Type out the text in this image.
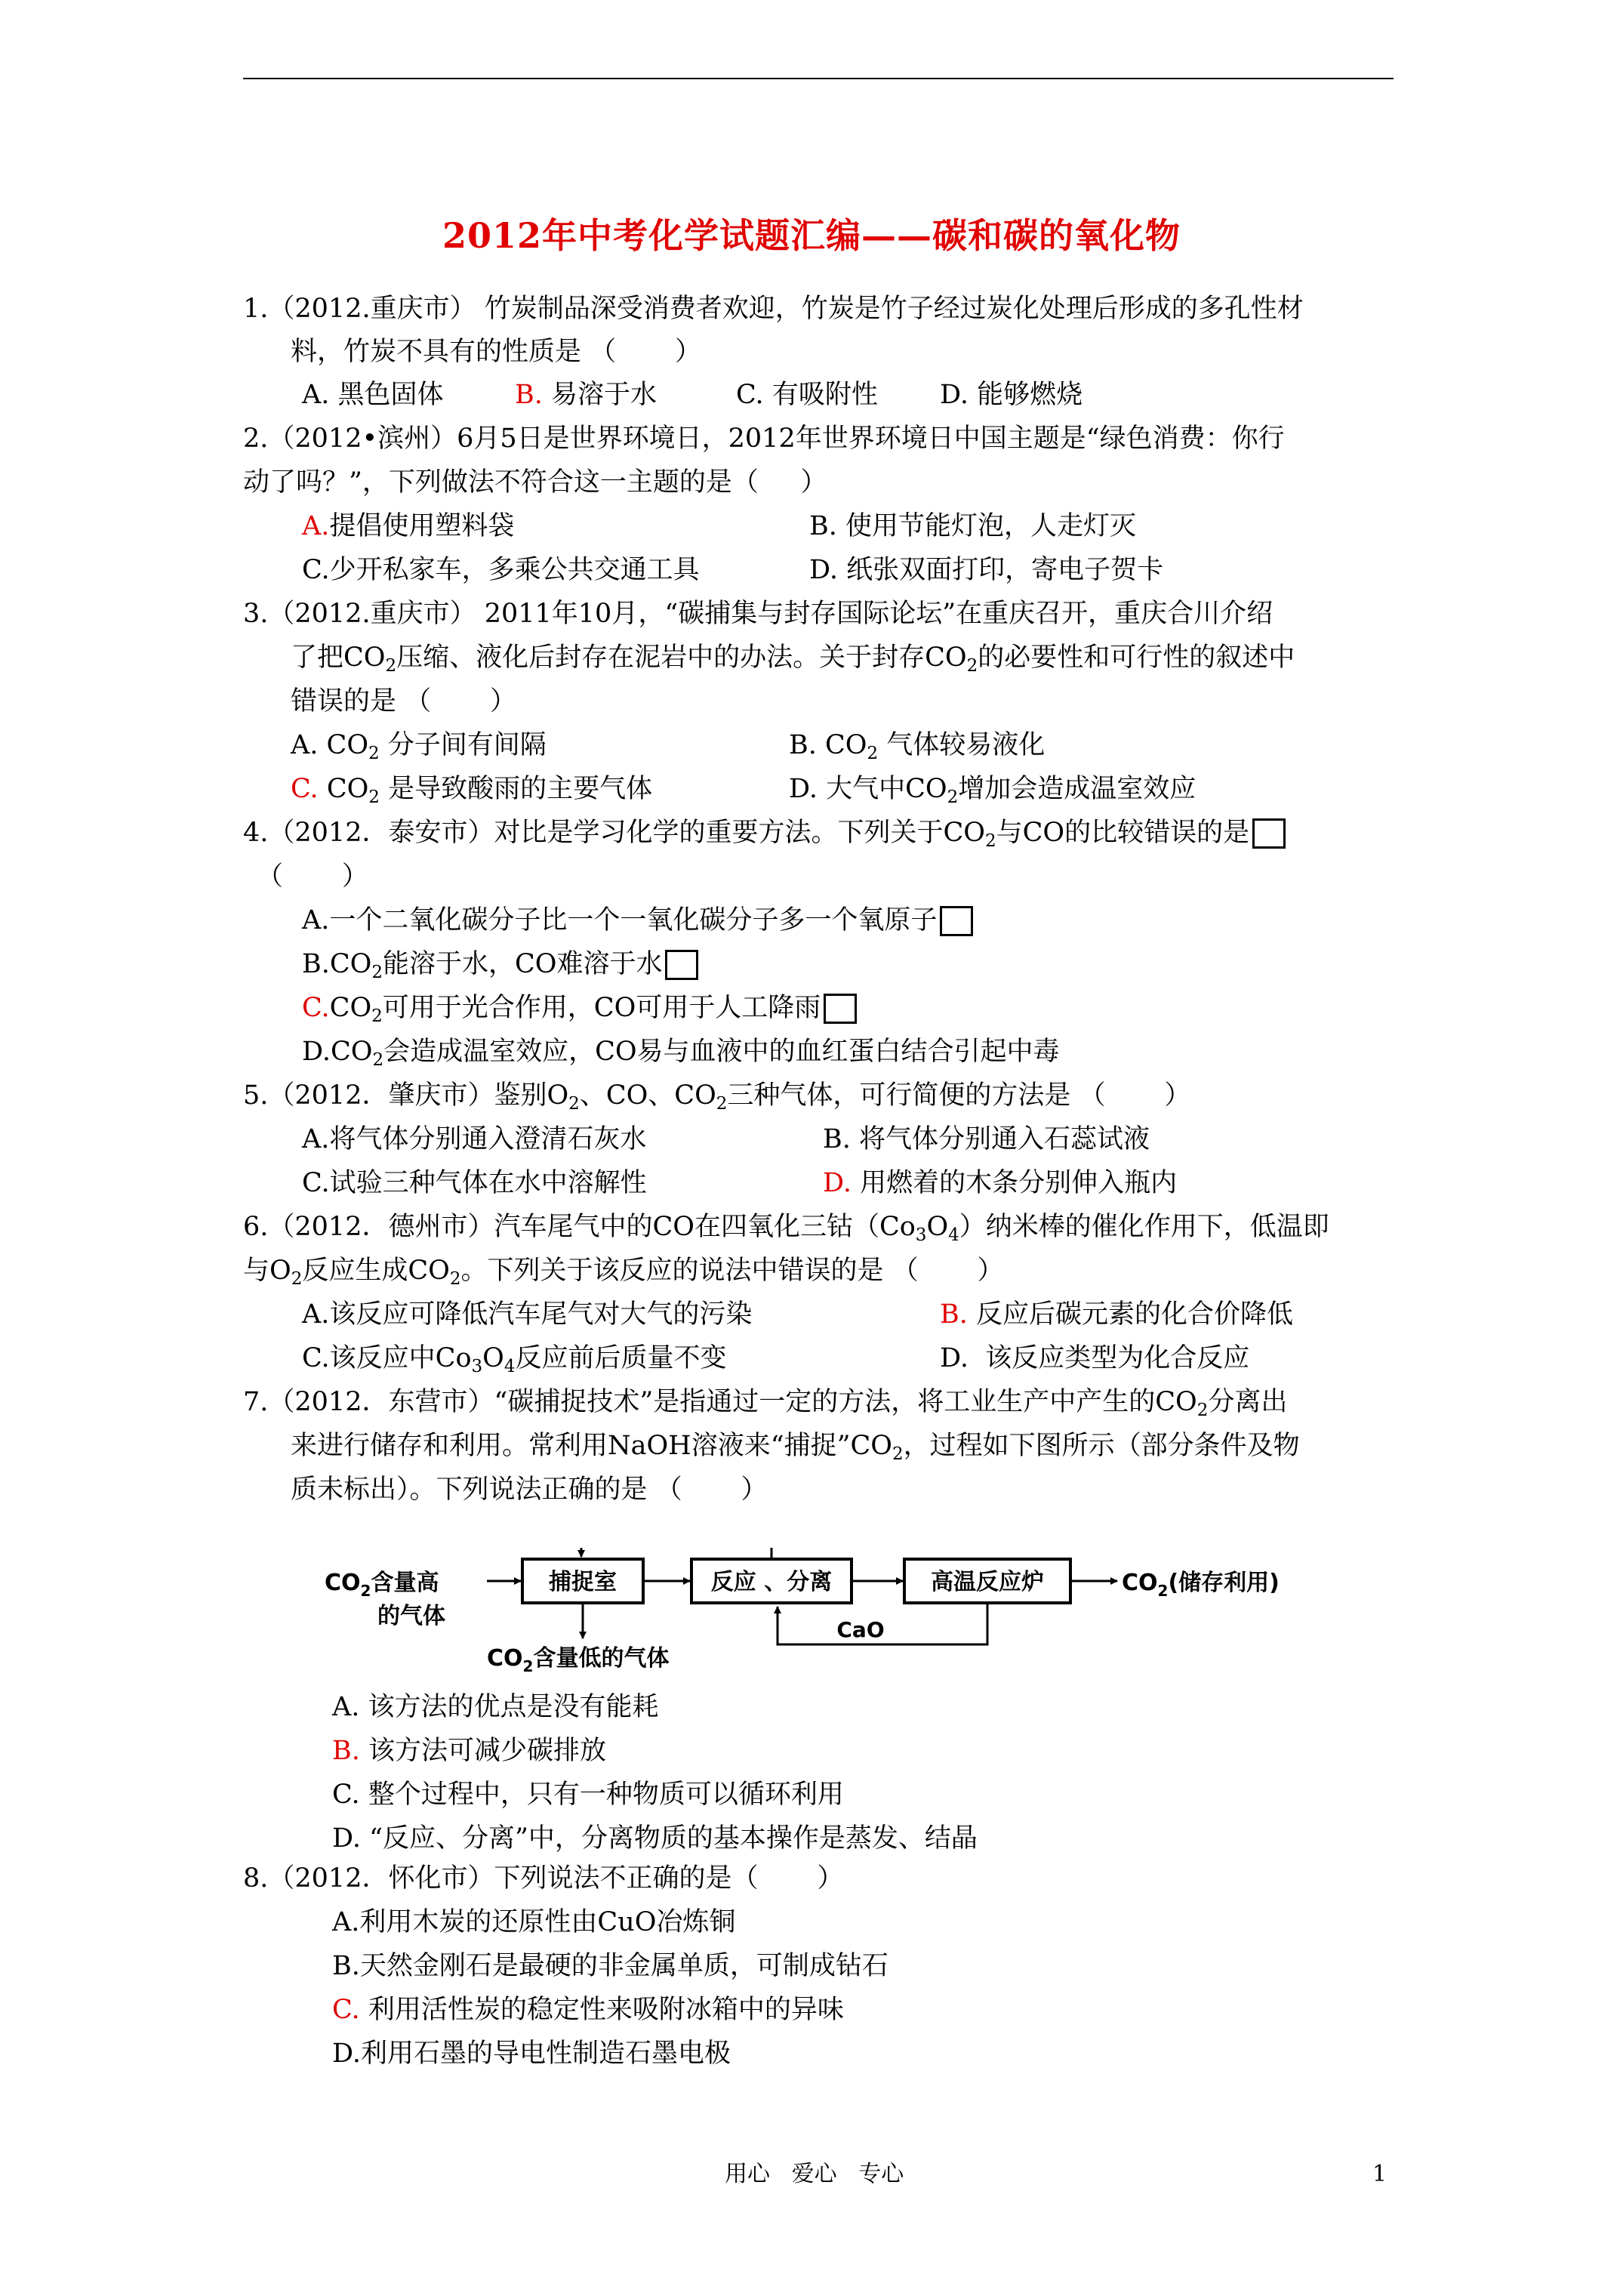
2012年中考化学试题汇编——碳和碳的氧化物
1.（2012.重庆市） 竹炭制品深受消费者欢迎，竹炭是竹子经过炭化处理后形成的多孔性材
料，竹炭不具有的性质是 （       ）
A. 黑色固体	B. 易溶于水	C. 有吸附性 D. 能够燃烧
2.（2012•滨州）6月5日是世界环境日，2012年世界环境日中国主题是“绿色消费：你行
动了吗？”，下列做法不符合这一主题的是（     ）
A.提倡使用塑料袋	B. 使用节能灯泡，人走灯灭
C.少开私家车，多乘公共交通工具	D. 纸张双面打印，寄电子贺卡
3.（2012.重庆市） 2011年10月，“碳捕集与封存国际论坛”在重庆召开，重庆合川介绍
了把$CO_2$压缩、液化后封存在泥岩中的办法。关于封存$CO_2$的必要性和可行性的叙述中
错误的是 （       ）
A. $CO_2$ 分子间有间隔	B. $CO_2$ 气体较易液化
C. $CO_2$ 是导致酸雨的主要气体	D. 大气中$CO_2$增加会造成温室效应
4.（2012．泰安市）对比是学习化学的重要方法。下列关于$CO_2$与CO的比较错误的是
（       ）
A.一个二氧化碳分子比一个一氧化碳分子多一个氧原子
$B.CO_2$能溶于水，CO难溶于水
$C.CO_2$可用于光合作用，CO可用于人工降雨
$D.CO_2$会造成温室效应，CO易与血液中的血红蛋白结合引起中毒
5.（2012．肇庆市）鉴别$O_2$、CO、$CO_2$三种气体，可行简便的方法是 （       ）
A.将气体分别通入澄清石灰水	B. 将气体分别通入石蕊试液
C.试验三种气体在水中溶解性	D. 用燃着的木条分别伸入瓶内
6.（2012．德州市）汽车尾气中的CO在四氧化三钴$(Co_3O_4)$纳米棒的催化作用下，低温即
与$O_2$反应生成$CO_2$。下列关于该反应的说法中错误的是 （       ）
A.该反应可降低汽车尾气对大气的污染	B. 反应后碳元素的化合价降低
C.该反应中$Co_3O_4$反应前后质量不变	D.  该反应类型为化合反应
7.（2012．东营市）“碳捕捉技术”是指通过一定的方法，将工业生产中产生的$CO_2$分离出
来进行储存和利用。常利用NaOH溶液来“捕捉$”CO_2$，过程如下图所示（部分条件及物
质未标出）。下列说法正确的是 （       ）
$CO_2$含量高
的气体
捕捉室	反应 、分离	高温反应炉	$CO_2$(储存利用)
$CO_2$含量低的气体
CaO
A. 该方法的优点是没有能耗
B. 该方法可减少碳排放
C. 整个过程中，只有一种物质可以循环利用
D. “反应、分离”中，分离物质的基本操作是蒸发、结晶
8.（2012．怀化市）下列说法不正确的是（       ）
A.利用木炭的还原性由CuO冶炼铜
B.天然金刚石是最硬的非金属单质，可制成钻石
C. 利用活性炭的稳定性来吸附冰箱中的异味
D.利用石墨的导电性制造石墨电极
用心   爱心   专心	1
